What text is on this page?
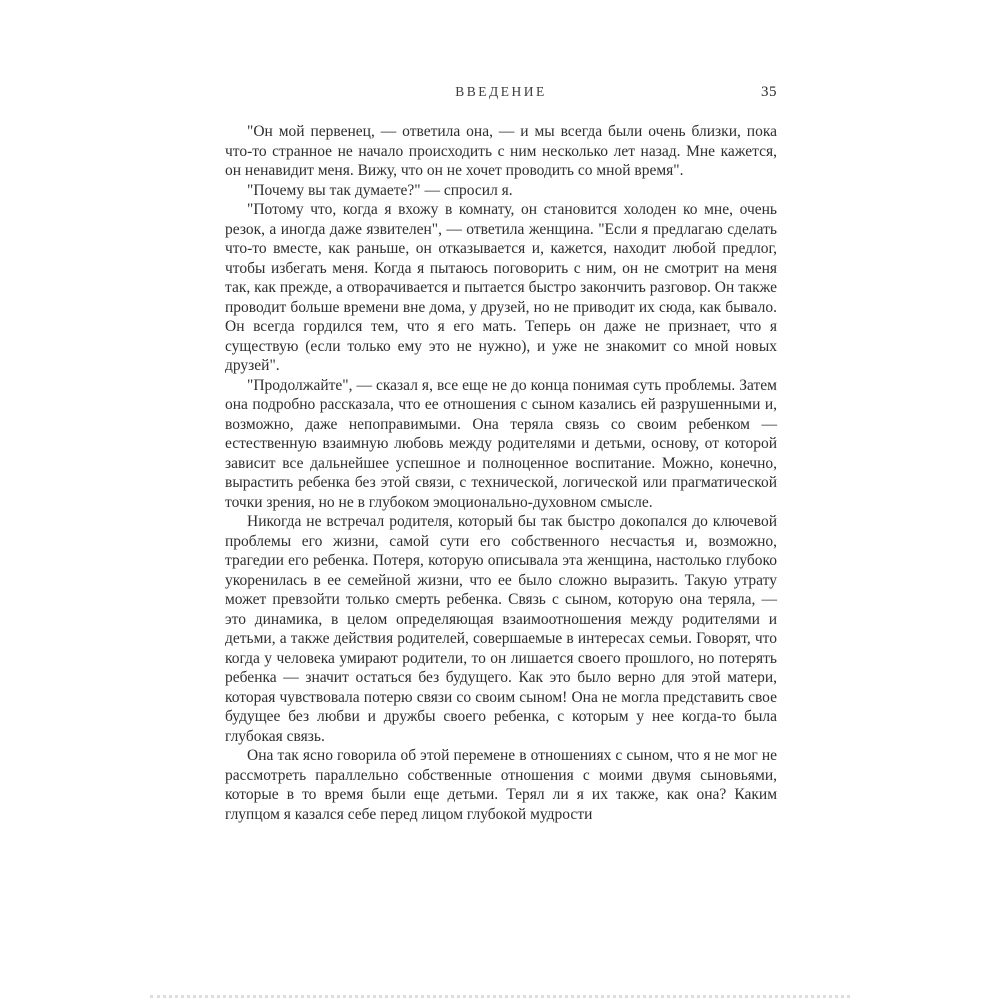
ВВЕДЕНИЕ	35

"Он мой первенец, — ответила она, — и мы всегда были очень близки, пока что-то странное не начало происходить с ним несколько лет назад. Мне кажется, он ненавидит меня. Вижу, что он не хочет проводить со мной время".

"Почему вы так думаете?" — спросил я.

"Потому что, когда я вхожу в комнату, он становится холоден ко мне, очень резок, а иногда даже язвителен", — ответила женщина. "Если я предлагаю сделать что-то вместе, как раньше, он отказывается и, кажется, находит любой предлог, чтобы избегать меня. Когда я пытаюсь поговорить с ним, он не смотрит на меня так, как прежде, а отворачивается и пытается быстро закончить разговор. Он также проводит больше времени вне дома, у друзей, но не приводит их сюда, как бывало. Он всегда гордился тем, что я его мать. Теперь он даже не признает, что я существую (если только ему это не нужно), и уже не знакомит со мной новых друзей".

"Продолжайте", — сказал я, все еще не до конца понимая суть проблемы. Затем она подробно рассказала, что ее отношения с сыном казались ей разрушенными и, возможно, даже непоправимыми. Она теряла связь со своим ребенком — естественную взаимную любовь между родителями и детьми, основу, от которой зависит все дальнейшее успешное и полноценное воспитание. Можно, конечно, вырастить ребенка без этой связи, с технической, логической или прагматической точки зрения, но не в глубоком эмоционально-духовном смысле.

Никогда не встречал родителя, который бы так быстро докопался до ключевой проблемы его жизни, самой сути его собственного несчастья и, возможно, трагедии его ребенка. Потеря, которую описывала эта женщина, настолько глубоко укоренилась в ее семейной жизни, что ее было сложно выразить. Такую утрату может превзойти только смерть ребенка. Связь с сыном, которую она теряла, — это динамика, в целом определяющая взаимоотношения между родителями и детьми, а также действия родителей, совершаемые в интересах семьи. Говорят, что когда у человека умирают родители, то он лишается своего прошлого, но потерять ребенка — значит остаться без будущего. Как это было верно для этой матери, которая чувствовала потерю связи со своим сыном! Она не могла представить свое будущее без любви и дружбы своего ребенка, с которым у нее когда-то была глубокая связь.

Она так ясно говорила об этой перемене в отношениях с сыном, что я не мог не рассмотреть параллельно собственные отношения с моими двумя сыновьями, которые в то время были еще детьми. Терял ли я их также, как она? Каким глупцом я казался себе перед лицом глубокой мудрости
